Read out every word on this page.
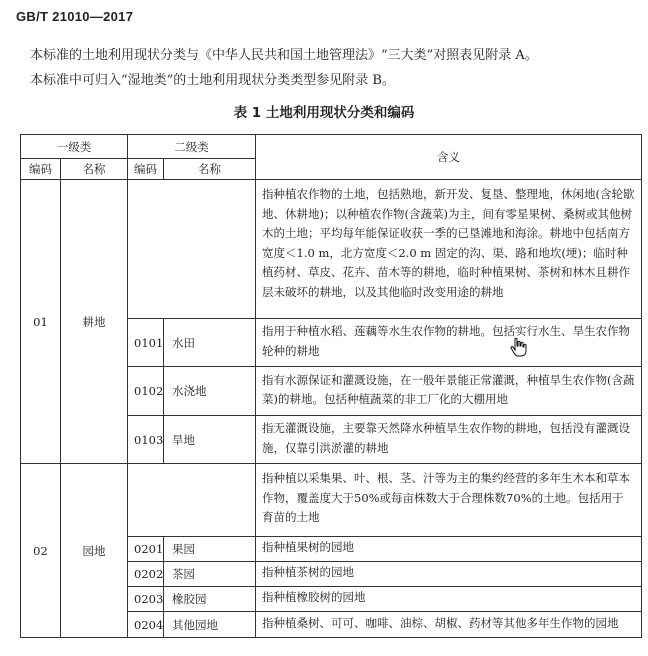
GB/T 21010—2017
本标准的土地利用现状分类与《中华人民共和国土地管理法》“三大类”对照表见附录 A。
本标准中可归入“湿地类”的土地利用现状分类类型参见附录 B。
表 1 土地利用现状分类和编码
一级类		二级类		含义
编码	名称	编码	名称	
01	耕地			指种植农作物的土地，包括熟地，新开发、复垦、整理地，休闲地(含轮歇地、休耕地)；以种植农作物(含蔬菜)为主，间有零星果树、桑树或其他树木的土地；平均每年能保证收获一季的已垦滩地和海涂。耕地中包括南方宽度＜1.0 m，北方宽度＜2.0 m 固定的沟、渠、路和地坎(埂)；临时种植药材、草皮、花卉、苗木等的耕地，临时种植果树、茶树和林木且耕作层未破坏的耕地，以及其他临时改变用途的耕地
		0101	水田	指用于种植水稻、莲藕等水生农作物的耕地。包括实行水生、旱生农作物轮种的耕地
		0102	水浇地	指有水源保证和灌溉设施，在一般年景能正常灌溉，种植旱生农作物(含蔬菜)的耕地。包括种植蔬菜的非工厂化的大棚用地
		0103	旱地	指无灌溉设施，主要靠天然降水种植旱生农作物的耕地，包括没有灌溉设施，仅靠引洪淤灌的耕地
02	园地			指种植以采集果、叶、根、茎、汁等为主的集约经营的多年生木本和草本作物，覆盖度大于50%或每亩株数大于合理株数70%的土地。包括用于育苗的土地
		0201	果园	指种植果树的园地
		0202	茶园	指种植茶树的园地
		0203	橡胶园	指种植橡胶树的园地
		0204	其他园地	指种植桑树、可可、咖啡、油棕、胡椒、药材等其他多年生作物的园地
